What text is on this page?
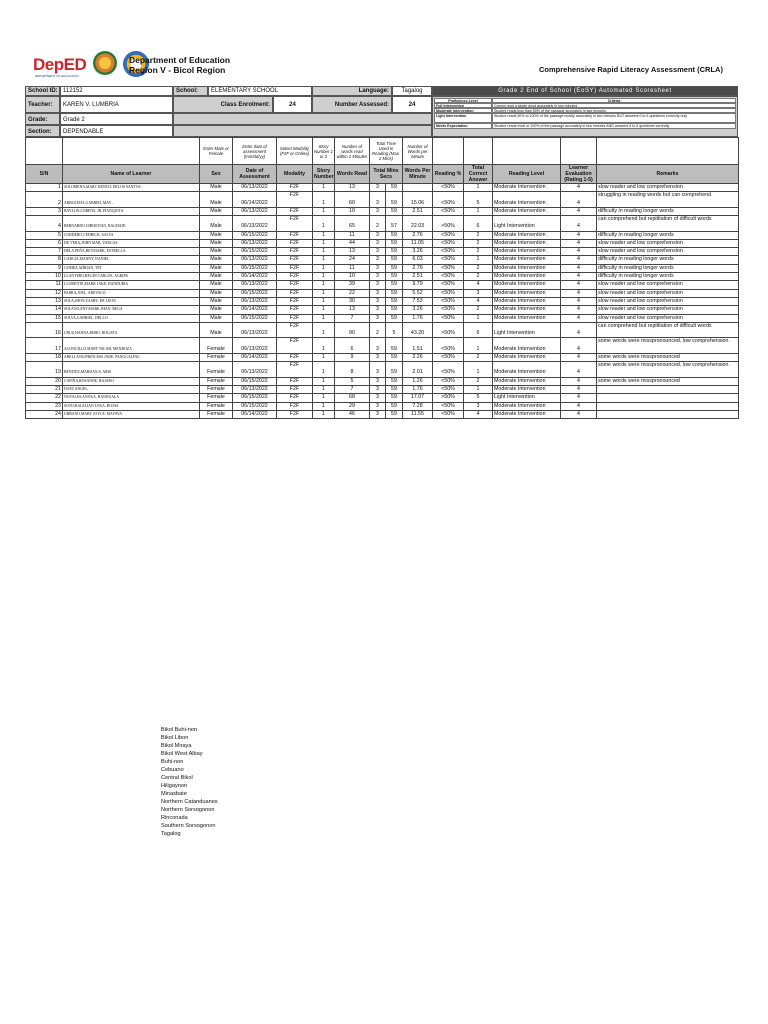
DepED
DEPARTMENT OF EDUCATION
Department of Education
Region V - Bicol Region	Comprehensive Rapid Literacy Assessment (CRLA)
School ID: 112152	School:	ELEMENTARY SCHOOL	Language:	Tagalog	Grade 2 End of School (EoSY) Automated Scoresheet
Teacher:	KAREN V. LUMBRIA	Class Enrolment:	24	Number Assessed:	24
Grade:	Grade 2
Section:	DEPENDABLE
Proficiency Level	Criteria
Full Intervention	Cannot read a single word accurately in two minutes
Moderate Intervention	Student reads less than 50% of the passage accurately in two minutes
Light Intervention	Student reads 50% to 100% of the passage mostly accurately in two minutes BUT answers 0 to 4 questions correctly only
Meets Expectation	Student reads most or 100% of the passage accurately in two minutes AND answers 5 to 6 questions correctly
		Enter Male or Female	Enter date of assessment (mm/dd/yy)	Select Modality (F2F or Online)	Story Number 1 or 2	Number of words read within 2 Minutes	Total Time Used in Reading (Max. 2 Mins)		Number of Words per Minute					
S/N	Name of Learner	Sex	Date of Assessment	Modality	Story Number	Words Read	Total Mins Secs		Words Per Minute	Reading %	Total Correct Answer	Reading Level	Learner Evaluation (Rating 1-5)	Remarks
1	SOLOMENA,MARC RENCIL DELOS SANTOS	Male	06/13/2022	F2F	1	13	3	59		<50%	1	Moderate Intervention	4	slow reader and low comprehension
2	ARBOLEDA,GABRIEL MAY...	Male	06/14/2022	F2F	1	60	3	59	15.06	<50%	5	Moderate Intervention	4	struggling in reading words but can comprehend
3	BAYLON,LORENS, JR. PIANQUITA	Male	06/13/2022	F2F	1	10	3	59	2.51	<50%	1	Moderate Intervention	4	difficulty in reading longer words
4	BERNARDO,CHRISTIAN, BAGHAIN	Male	06/13/2022	F2F	1	65	2	57	22.03	>50%	6	Light Intervention	4	can comprehend but repititation of difficult words
5	CORDERO,CEDRICK, SALVA	Male	06/15/2022	F2F	1	11	3	59	2.76	<50%	2	Moderate Intervention	4	difficulty in reading longer words
6	DE VERA,JOHN MAR, VARGAS	Male	06/13/2022	F2F	1	44	3	59	11.05	<50%	2	Moderate Intervention	4	slow reader and low comprehension
7	DELA PEÑA,REYMARK, ESTRELLA	Male	06/15/2022	F2F	1	13	3	59	3.26	<50%	2	Moderate Intervention	4	slow reader and low comprehension
8	GARCIA,MANNY, DANIEL	Male	06/13/2022	F2F	1	24	3	59	6.03	<50%	1	Moderate Intervention	4	difficulty in reading longer words
9	GOMEZ,ADRIAN, TET	Male	06/15/2022	F2F	1	11	3	59	2.76	<50%	2	Moderate Intervention	4	difficulty in reading longer words
10	LLANTERO,REGIN CARLOS, AGRIPA	Male	06/14/2022	F2F	1	10	3	59	2.51	<50%	2	Moderate Intervention	4	difficulty in reading longer words
11	LLORENTE,MARK JAKE, BANDURIA	Male	06/13/2022	F2F	1	39	3	59	9.79	<50%	4	Moderate Intervention	4	slow reader and low comprehension
12	PARRA,JOEL, AREVALO	Male	06/15/2022	F2F	1	22	3	59	5.52	<50%	3	Moderate Intervention	4	slow reader and low comprehension
13	SOLA,JHON ZASHY, DE LEON	Male	06/13/2022	F2F	1	30	3	59	7.53	<50%	4	Moderate Intervention	4	slow reader and low comprehension
14	SOLANO,ENT.MARK JHAN, BEGA	Male	06/14/2022	F2F	1	13	3	59	3.26	<50%	2	Moderate Intervention	4	slow reader and low comprehension
15	SOLVA,GABRIEL, DELLO	Male	06/15/2022	F2F	1	7	3	59	1.76	<50%	1	Moderate Intervention	4	slow reader and low comprehension
16	CRUZ,HANNA BIBIO, BOLISTA	Male	06/13/2022	F2F	1	90	2	5	43.20	>50%	6	Light Intervention	4	can comprehend but repititation of difficult words
17	AGONCILLO,MARY NICAH, MENDOZA	Female	06/13/2022	F2F	1	6	3	59	1.51	<50%	1	Moderate Intervention	4	some words were misspronounced, low comprehension
18	ARELLANO,PRINCESS JADE, PANGGALING	Female	06/14/2022	F2F	1	9	3	59	2.26	<50%	2	Moderate Intervention	4	some words were misspronounced
19	BENITEZ,MARIJAN.S, ARIS	Female	06/13/2022	F2F	1	8	3	59	2.01	<50%	1	Moderate Intervention	4	some words were misspronounced, low comprehension
20	CAPIÑA,ROSANNE, BAJARO	Female	06/15/2022	F2F	1	5	3	59	1.26	<50%	2	Moderate Intervention	4	some words were misspronounced
21	DAET,ANGEL,	Female	06/13/2022	F2F	1	7	3	59	1.76	<50%	1	Moderate Intervention	4	
22	NOVALES,ANYKA, BANDUALA	Female	06/15/2022	F2F	1	68	3	59	17.07	>50%	5	Light Intervention	4	
23	SOTO,RALELIAN LYKA, ROJAS	Female	06/15/2022	F2F	1	29	3	59	7.28	<50%	3	Moderate Intervention	4	
24	URBANO,MARY JOYCE, MAYAVA	Female	06/14/2022	F2F	1	46	3	59	11.55	<50%	4	Moderate Intervention	4	
Bikol Buhi-non
Bikol Libon
Bikol Miraya
Bikol West Albay
Buhi-non
Cebuano
Central Bikol
Hiligaynon
Minasbate
Northern Catanduanes
Northern Sorsogonon
Rinconada
Southern Sorsogonon
Tagalog
